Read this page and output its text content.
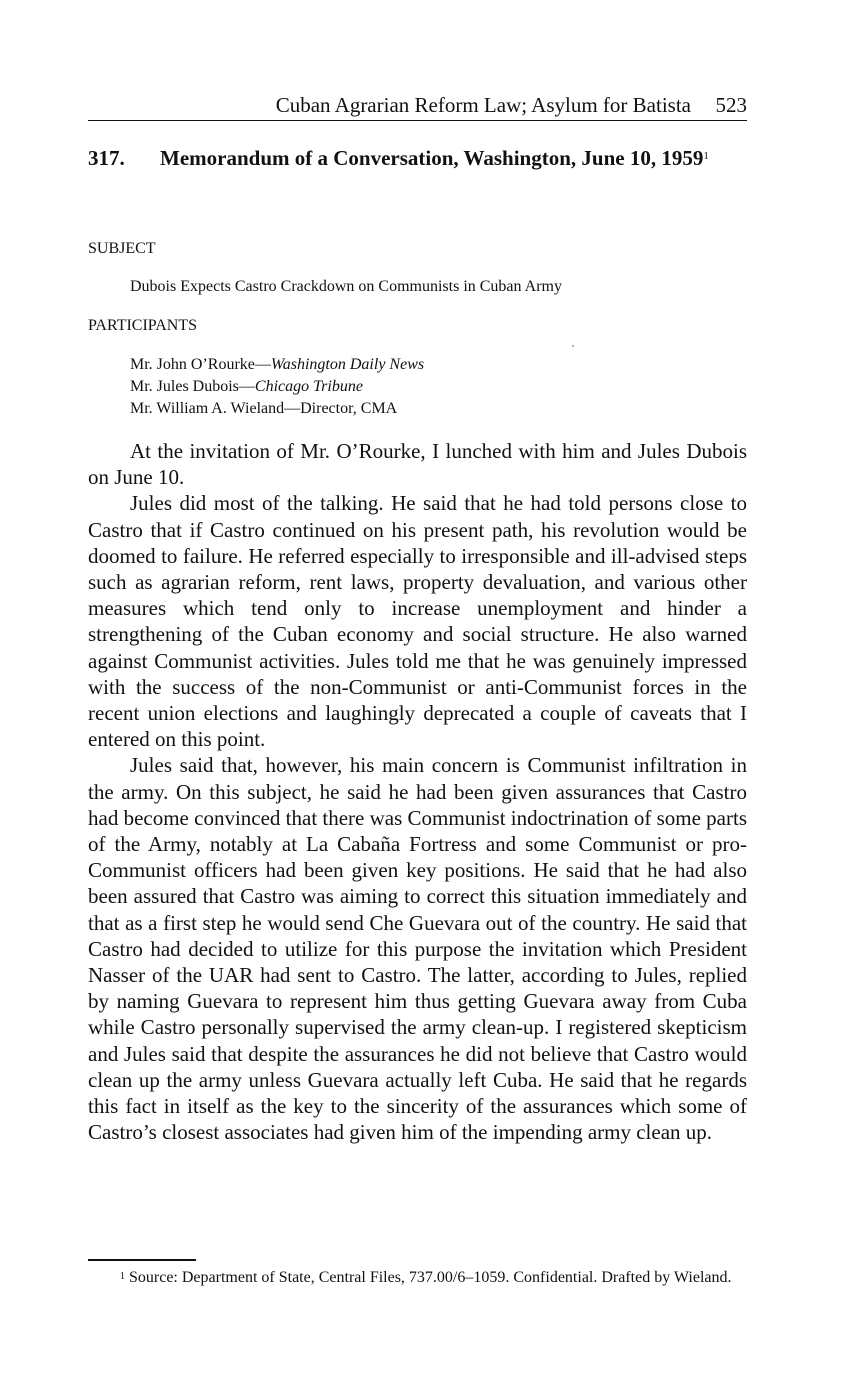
Cuban Agrarian Reform Law; Asylum for Batista 523
317. Memorandum of a Conversation, Washington, June 10, 1959$^1$
SUBJECT
Dubois Expects Castro Crackdown on Communists in Cuban Army
PARTICIPANTS
Mr. John O’Rourke—Washington Daily News
Mr. Jules Dubois—Chicago Tribune
Mr. William A. Wieland—Director, CMA

At the invitation of Mr. O’Rourke, I lunched with him and Jules Dubois on June 10.

Jules did most of the talking. He said that he had told persons close to Castro that if Castro continued on his present path, his revolution would be doomed to failure. He referred especially to irresponsible and ill-advised steps such as agrarian reform, rent laws, property devaluation, and various other measures which tend only to increase unemployment and hinder a strengthening of the Cuban economy and social structure. He also warned against Communist activities. Jules told me that he was genuinely impressed with the success of the non-Communist or anti-Communist forces in the recent union elections and laughingly deprecated a couple of caveats that I entered on this point.

Jules said that, however, his main concern is Communist infiltration in the army. On this subject, he said he had been given assurances that Castro had become convinced that there was Communist indoctrination of some parts of the Army, notably at La Cabaña Fortress and some Communist or pro-Communist officers had been given key positions. He said that he had also been assured that Castro was aiming to correct this situation immediately and that as a first step he would send Che Guevara out of the country. He said that Castro had decided to utilize for this purpose the invitation which President Nasser of the UAR had sent to Castro. The latter, according to Jules, replied by naming Guevara to represent him thus getting Guevara away from Cuba while Castro personally supervised the army clean-up. I registered skepticism and Jules said that despite the assurances he did not believe that Castro would clean up the army unless Guevara actually left Cuba. He said that he regards this fact in itself as the key to the sincerity of the assurances which some of Castro’s closest associates had given him of the impending army clean up.

$^1$ Source: Department of State, Central Files, 737.00/6–1059. Confidential. Drafted by Wieland.
